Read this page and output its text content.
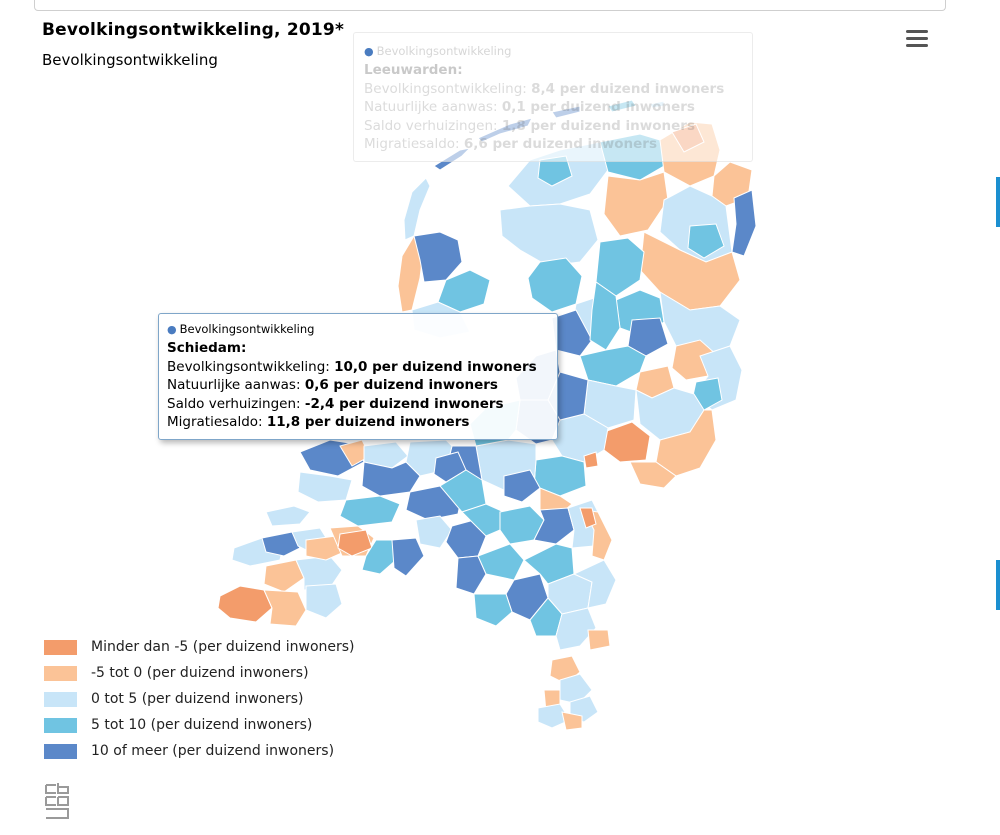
Bevolkingsontwikkeling, 2019*
Bevolkingsontwikkeling	● Bevolkingsontwikkeling
Leeuwarden:
Bevolkingsontwikkeling: 8,4 per duizend inwoners
Natuurlijke aanwas: 0,1 per duizend inwoners
Saldo verhuizingen: 1,8 per duizend inwoners
Migratiesaldo: 6,6 per duizend inwoners
● Bevolkingsontwikkeling
Schiedam:
Bevolkingsontwikkeling: 10,0 per duizend inwoners
Natuurlijke aanwas: 0,6 per duizend inwoners
Saldo verhuizingen: -2,4 per duizend inwoners
Migratiesaldo: 11,8 per duizend inwoners
Minder dan -5 (per duizend inwoners)
-5 tot 0 (per duizend inwoners)
0 tot 5 (per duizend inwoners)
5 tot 10 (per duizend inwoners)
10 of meer (per duizend inwoners)
